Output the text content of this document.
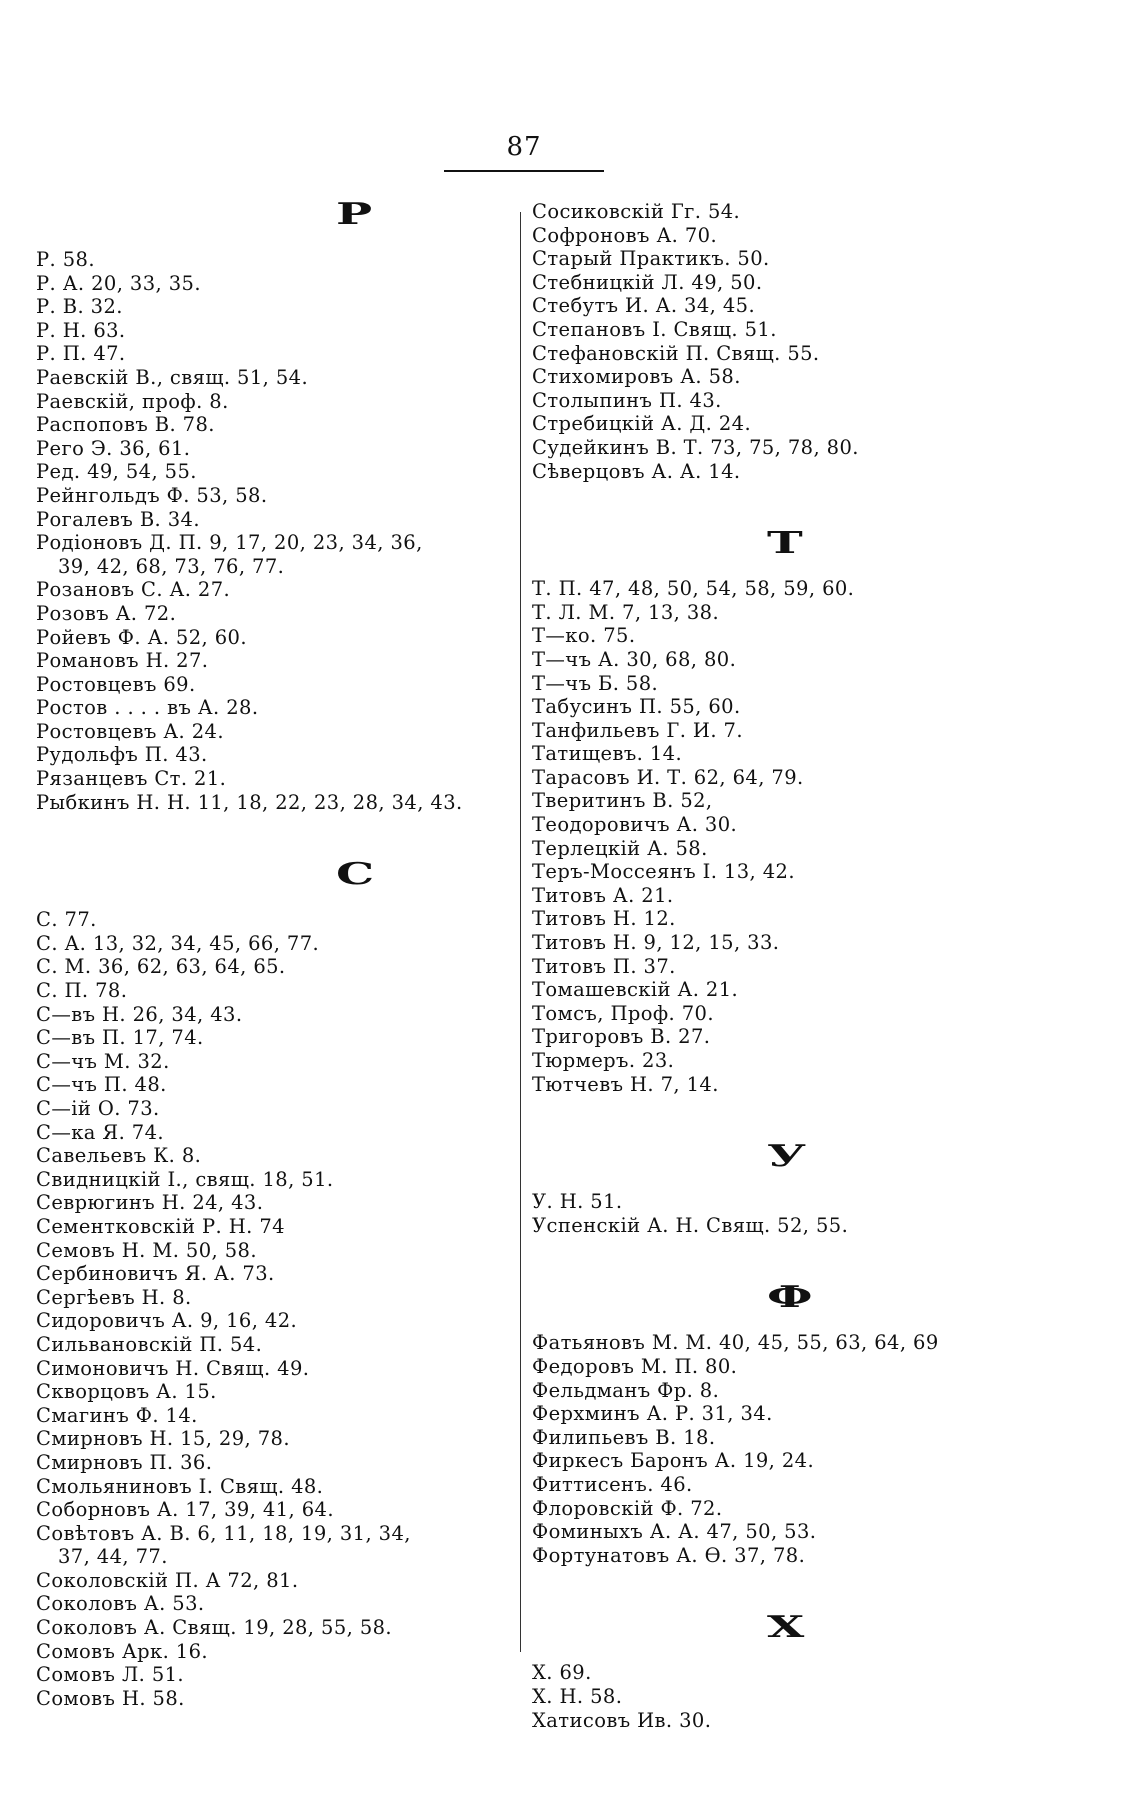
87
Р
Р. 58.
Р. А. 20, 33, 35.
Р. В. 32.
Р. Н. 63.
Р. П. 47.
Раевскій В., свящ. 51, 54.
Раевскій, проф. 8.
Распоповъ В. 78.
Рего Э. 36, 61.
Ред. 49, 54, 55.
Рейнгольдъ Ф. 53, 58.
Рогалевъ В. 34.
Родіоновъ Д. П. 9, 17, 20, 23, 34, 36,
39, 42, 68, 73, 76, 77.
Розановъ С. А. 27.
Розовъ А. 72.
Ройевъ Ф. А. 52, 60.
Романовъ Н. 27.
Ростовцевъ 69.
Ростов . . . . въ А. 28.
Ростовцевъ А. 24.
Рудольфъ П. 43.
Рязанцевъ Ст. 21.
Рыбкинъ Н. Н. 11, 18, 22, 23, 28, 34, 43.
С
С. 77.
С. А. 13, 32, 34, 45, 66, 77.
С. М. 36, 62, 63, 64, 65.
С. П. 78.
С—въ Н. 26, 34, 43.
С—въ П. 17, 74.
С—чъ М. 32.
С—чъ П. 48.
С—ій О. 73.
С—ка Я. 74.
Савельевъ К. 8.
Свидницкій І., свящ. 18, 51.
Севрюгинъ Н. 24, 43.
Сементковскій Р. Н. 74
Семовъ Н. М. 50, 58.
Сербиновичъ Я. А. 73.
Сергѣевъ Н. 8.
Сидоровичъ А. 9, 16, 42.
Сильвановскій П. 54.
Симоновичъ Н. Свящ. 49.
Скворцовъ А. 15.
Смагинъ Ф. 14.
Смирновъ Н. 15, 29, 78.
Смирновъ П. 36.
Смольяниновъ І. Свящ. 48.
Соборновъ А. 17, 39, 41, 64.
Совѣтовъ А. В. 6, 11, 18, 19, 31, 34,
37, 44, 77.
Соколовскій П. А 72, 81.
Соколовъ А. 53.
Соколовъ А. Свящ. 19, 28, 55, 58.
Сомовъ Арк. 16.
Сомовъ Л. 51.
Сомовъ Н. 58.
Сосиковскій Гг. 54.
Софроновъ А. 70.
Старый Практикъ. 50.
Стебницкій Л. 49, 50.
Стебутъ И. А. 34, 45.
Степановъ І. Свящ. 51.
Стефановскій П. Свящ. 55.
Стихомировъ А. 58.
Столыпинъ П. 43.
Стребицкій А. Д. 24.
Судейкинъ В. Т. 73, 75, 78, 80.
Сѣверцовъ А. А. 14.
Т
Т. П. 47, 48, 50, 54, 58, 59, 60.
Т. Л. М. 7, 13, 38.
Т—ко. 75.
Т—чъ А. 30, 68, 80.
Т—чъ Б. 58.
Табусинъ П. 55, 60.
Танфильевъ Г. И. 7.
Татищевъ. 14.
Тарасовъ И. Т. 62, 64, 79.
Тверитинъ В. 52,
Теодоровичъ А. 30.
Терлецкій А. 58.
Теръ-Моссеянъ І. 13, 42.
Титовъ А. 21.
Титовъ Н. 12.
Титовъ Н. 9, 12, 15, 33.
Титовъ П. 37.
Томашевскій А. 21.
Томсъ, Проф. 70.
Тригоровъ В. 27.
Тюрмеръ. 23.
Тютчевъ Н. 7, 14.
У
У. Н. 51.
Успенскій А. Н. Свящ. 52, 55.
Ф
Фатьяновъ М. М. 40, 45, 55, 63, 64, 69
Федоровъ М. П. 80.
Фельдманъ Фр. 8.
Ферхминъ А. Р. 31, 34.
Филипьевъ В. 18.
Фиркесъ Баронъ А. 19, 24.
Фиттисенъ. 46.
Флоровскій Ф. 72.
Фоминыхъ А. А. 47, 50, 53.
Фортунатовъ А. Ѳ. 37, 78.
Х
Х. 69.
Х. Н. 58.
Хатисовъ Ив. 30.
